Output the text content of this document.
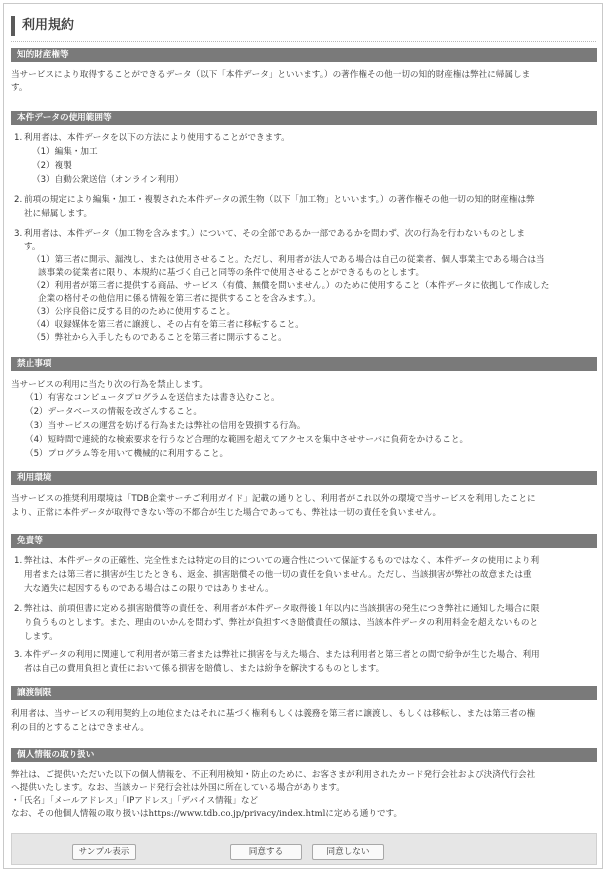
利用規約
知的財産権等
当サービスにより取得することができるデータ（以下「本件データ」といいます。）の著作権その他一切の知的財産権は弊社に帰属しま
す。
本件データの使用範囲等
1. 利用者は、本件データを以下の方法により使用することができます。
（1）編集・加工
（2）複製
（3）自動公衆送信（オンライン利用）
2. 前項の規定により編集・加工・複製された本件データの派生物（以下「加工物」といいます。）の著作権その他一切の知的財産権は弊
社に帰属します。
3. 利用者は、本件データ（加工物を含みます。）について、その全部であるか一部であるかを問わず、次の行為を行わないものとしま
す。
（1）第三者に開示、漏洩し、または使用させること。ただし、利用者が法人である場合は自己の従業者、個人事業主である場合は当
該事業の従業者に限り、本規約に基づく自己と同等の条件で使用させることができるものとします。
（2）利用者が第三者に提供する商品、サービス（有償、無償を問いません。）のために使用すること（本件データに依拠して作成した
企業の格付その他信用に係る情報を第三者に提供することを含みます。）。
（3）公序良俗に反する目的のために使用すること。
（4）収録媒体を第三者に譲渡し、その占有を第三者に移転すること。
（5）弊社から入手したものであることを第三者に開示すること。
禁止事項
当サービスの利用に当たり次の行為を禁止します。
（1）有害なコンピュータプログラムを送信または書き込むこと。
（2）データベースの情報を改ざんすること。
（3）当サービスの運営を妨げる行為または弊社の信用を毀損する行為。
（4）短時間で連続的な検索要求を行うなど合理的な範囲を超えてアクセスを集中させサーバに負荷をかけること。
（5）プログラム等を用いて機械的に利用すること。
利用環境
当サービスの推奨利用環境は「TDB企業サーチご利用ガイド」記載の通りとし、利用者がこれ以外の環境で当サービスを利用したことに
より、正常に本件データが取得できない等の不都合が生じた場合であっても、弊社は一切の責任を負いません。
免責等
1. 弊社は、本件データの正確性、完全性または特定の目的についての適合性について保証するものではなく、本件データの使用により利
用者または第三者に損害が生じたときも、返金、損害賠償その他一切の責任を負いません。ただし、当該損害が弊社の故意または重
大な過失に起因するものである場合はこの限りではありません。
2. 弊社は、前項但書に定める損害賠償等の責任を、利用者が本件データ取得後１年以内に当該損害の発生につき弊社に通知した場合に限
り負うものとします。また、理由のいかんを問わず、弊社が負担すべき賠償責任の額は、当該本件データの利用料金を超えないものと
します。
3. 本件データの利用に関連して利用者が第三者または弊社に損害を与えた場合、または利用者と第三者との間で紛争が生じた場合、利用
者は自己の費用負担と責任において係る損害を賠償し、または紛争を解決するものとします。
譲渡制限
利用者は、当サービスの利用契約上の地位またはそれに基づく権利もしくは義務を第三者に譲渡し、もしくは移転し、または第三者の権
利の目的とすることはできません。
個人情報の取り扱い
弊社は、ご提供いただいた以下の個人情報を、不正利用検知・防止のために、お客さまが利用されたカード発行会社および決済代行会社
へ提供いたします。なお、当該カード発行会社は外国に所在している場合があります。
・「氏名」「メールアドレス」「IPアドレス」「デバイス情報」など
なお、その他個人情報の取り扱いはhttps://www.tdb.co.jp/privacy/index.htmlに定める通りです。
サンプル表示	同意する	同意しない
